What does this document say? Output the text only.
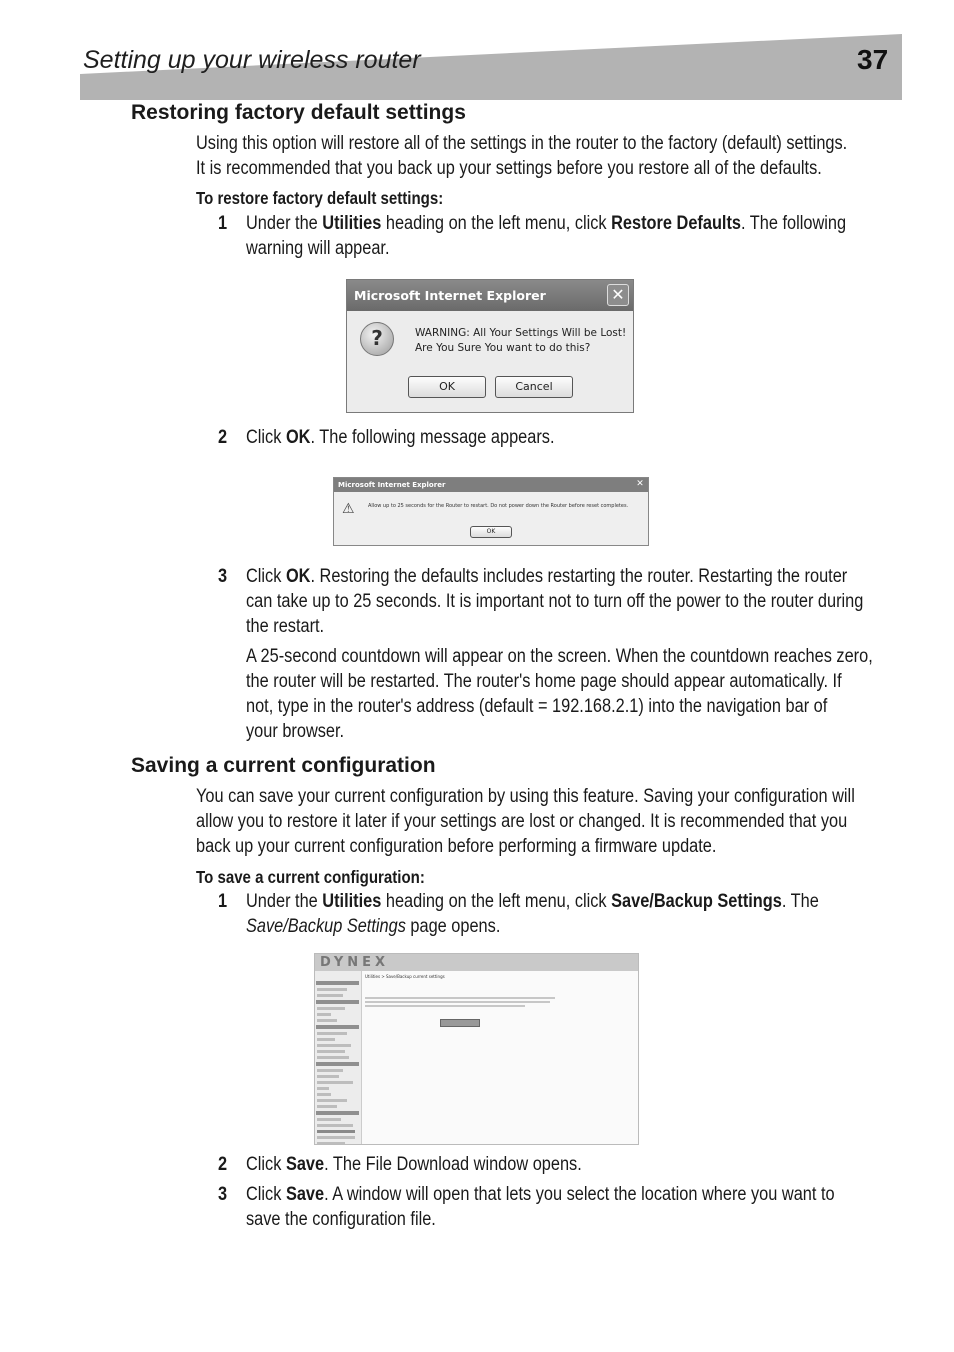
Setting up your wireless router	37
Restoring factory default settings
Using this option will restore all of the settings in the router to the factory (default) settings.
It is recommended that you back up your settings before you restore all of the defaults.
To restore factory default settings:
1 Under the Utilities heading on the left menu, click Restore Defaults. The following
warning will appear.
Microsoft Internet Explorer	✕
?	WARNING: All Your Settings Will be Lost!
Are You Sure You want to do this?
OK	Cancel
2 Click OK. The following message appears.
Microsoft Internet Explorer	✕
⚠	Allow up to 25 seconds for the Router to restart. Do not power down the Router before reset completes.
OK
3 Click OK. Restoring the defaults includes restarting the router. Restarting the router
can take up to 25 seconds. It is important not to turn off the power to the router during
the restart.
A 25-second countdown will appear on the screen. When the countdown reaches zero,
the router will be restarted. The router's home page should appear automatically. If
not, type in the router's address (default = 192.168.2.1) into the navigation bar of
your browser.
Saving a current configuration
You can save your current configuration by using this feature. Saving your configuration will
allow you to restore it later if your settings are lost or changed. It is recommended that you
back up your current configuration before performing a firmware update.
To save a current configuration:
1 Under the Utilities heading on the left menu, click Save/Backup Settings. The
Save/Backup Settings page opens.
DYNEX
Utilities > Save/Backup current settings
2 Click Save. The File Download window opens.
3 Click Save. A window will open that lets you select the location where you want to
save the configuration file.
